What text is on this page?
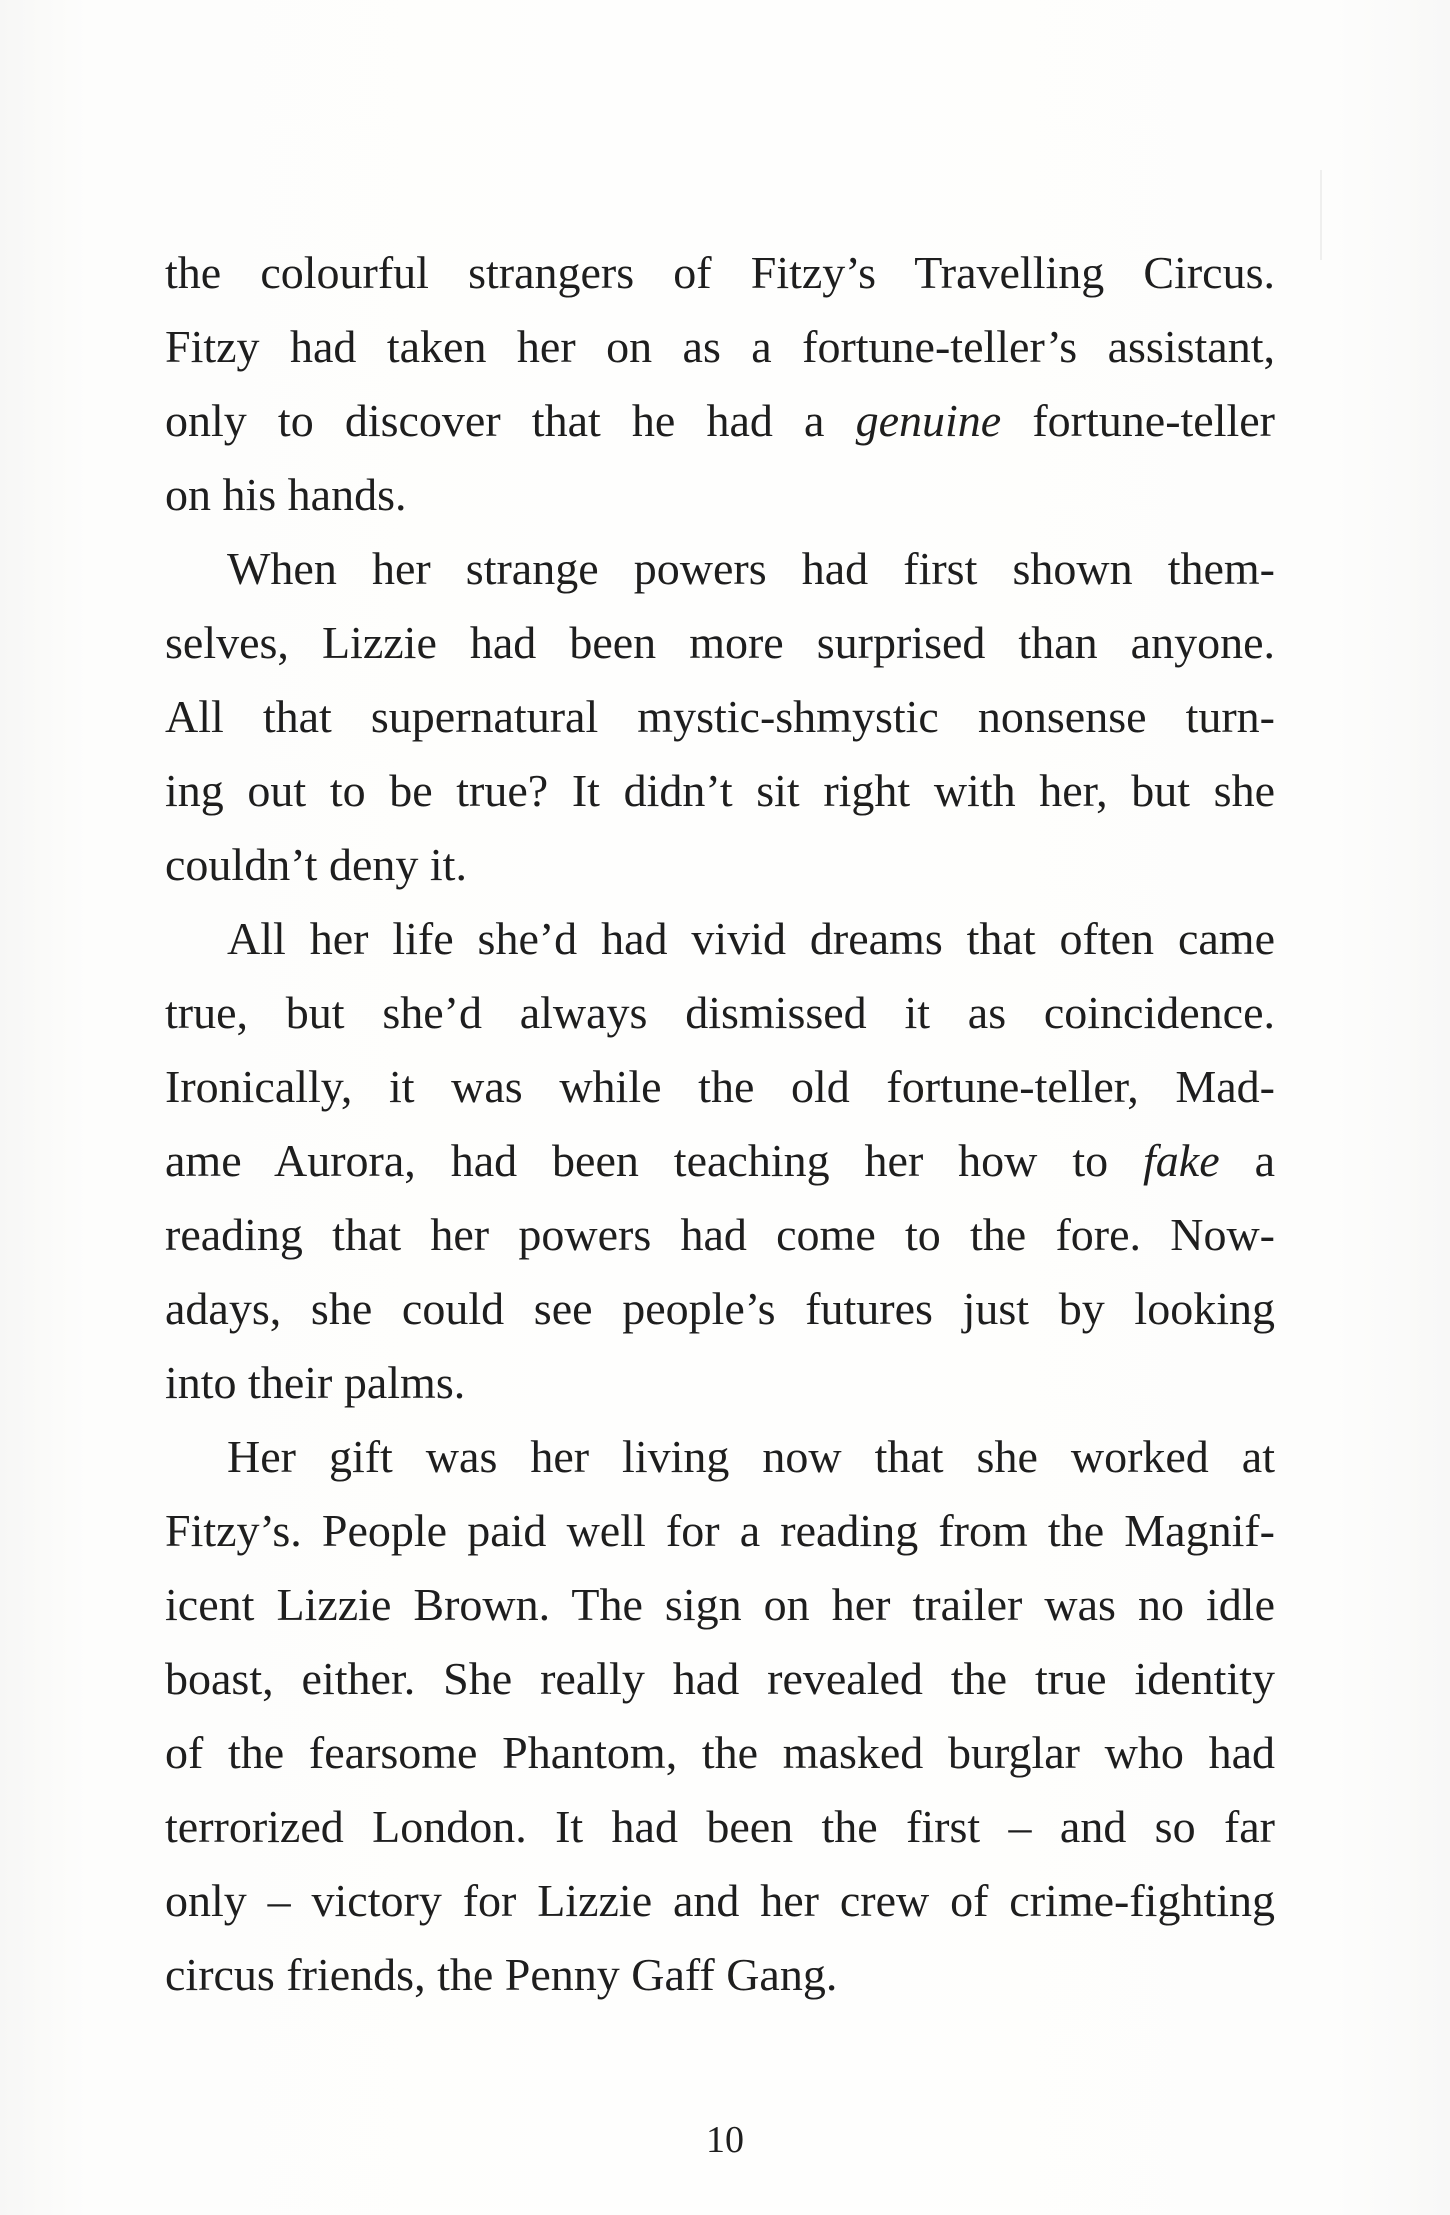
the colourful strangers of Fitzy’s Travelling Circus.
Fitzy had taken her on as a fortune-teller’s assistant,
only to discover that he had a genuine fortune-teller
on his hands.
When her strange powers had first shown them-
selves, Lizzie had been more surprised than anyone.
All that supernatural mystic-shmystic nonsense turn-
ing out to be true? It didn’t sit right with her, but she
couldn’t deny it.
All her life she’d had vivid dreams that often came
true, but she’d always dismissed it as coincidence.
Ironically, it was while the old fortune-teller, Mad-
ame Aurora, had been teaching her how to fake a
reading that her powers had come to the fore. Now-
adays, she could see people’s futures just by looking
into their palms.
Her gift was her living now that she worked at
Fitzy’s. People paid well for a reading from the Magnif-
icent Lizzie Brown. The sign on her trailer was no idle
boast, either. She really had revealed the true identity
of the fearsome Phantom, the masked burglar who had
terrorized London. It had been the first – and so far
only – victory for Lizzie and her crew of crime-fighting
circus friends, the Penny Gaff Gang.
10
